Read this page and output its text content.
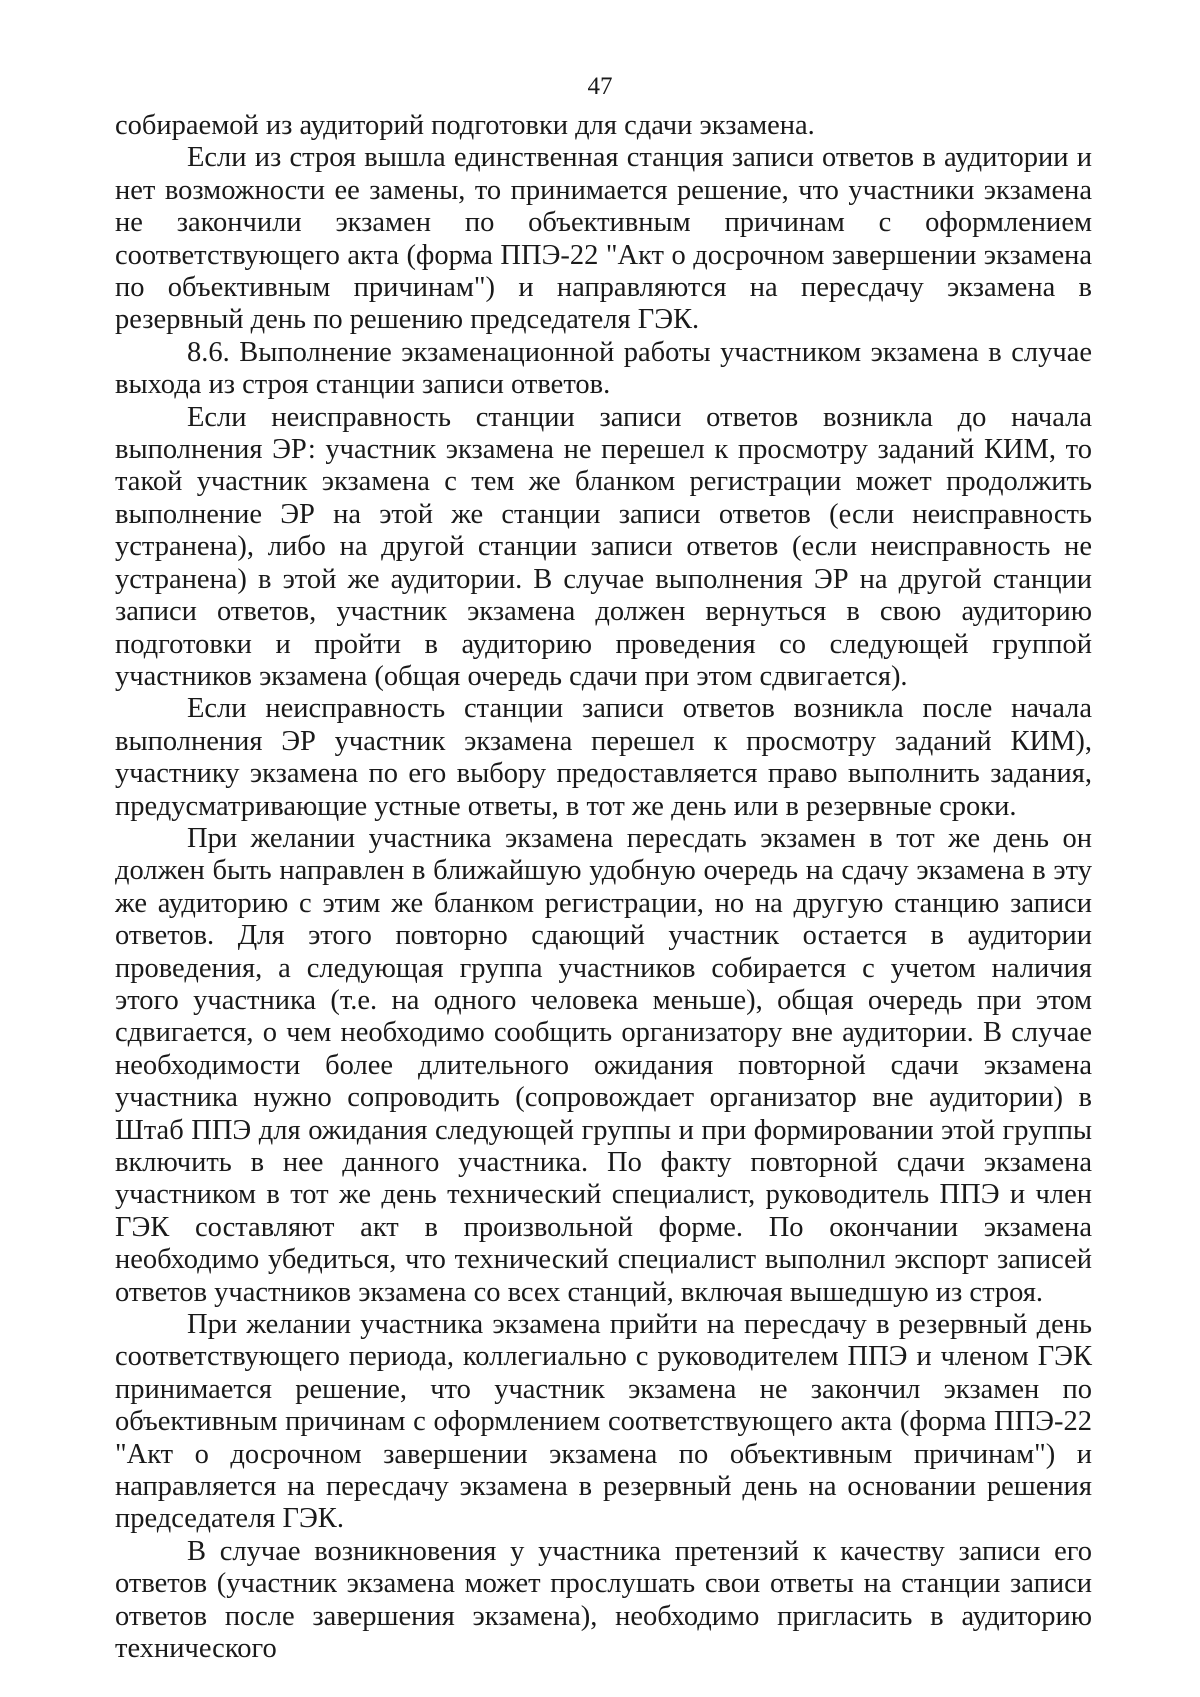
47

собираемой из аудиторий подготовки для сдачи экзамена.

Если из строя вышла единственная станция записи ответов в аудитории и нет возможности ее замены, то принимается решение, что участники экзамена не закончили экзамен по объективным причинам с оформлением соответствующего акта (форма ППЭ-22 "Акт о досрочном завершении экзамена по объективным причинам") и направляются на пересдачу экзамена в резервный день по решению председателя ГЭК.

8.6. Выполнение экзаменационной работы участником экзамена в случае выхода из строя станции записи ответов.

Если неисправность станции записи ответов возникла до начала выполнения ЭР: участник экзамена не перешел к просмотру заданий КИМ, то такой участник экзамена с тем же бланком регистрации может продолжить выполнение ЭР на этой же станции записи ответов (если неисправность устранена), либо на другой станции записи ответов (если неисправность не устранена) в этой же аудитории. В случае выполнения ЭР на другой станции записи ответов, участник экзамена должен вернуться в свою аудиторию подготовки и пройти в аудиторию проведения со следующей группой участников экзамена (общая очередь сдачи при этом сдвигается).

Если неисправность станции записи ответов возникла после начала выполнения ЭР участник экзамена перешел к просмотру заданий КИМ), участнику экзамена по его выбору предоставляется право выполнить задания, предусматривающие устные ответы, в тот же день или в резервные сроки.

При желании участника экзамена пересдать экзамен в тот же день он должен быть направлен в ближайшую удобную очередь на сдачу экзамена в эту же аудиторию с этим же бланком регистрации, но на другую станцию записи ответов. Для этого повторно сдающий участник остается в аудитории проведения, а следующая группа участников собирается с учетом наличия этого участника (т.е. на одного человека меньше), общая очередь при этом сдвигается, о чем необходимо сообщить организатору вне аудитории. В случае необходимости более длительного ожидания повторной сдачи экзамена участника нужно сопроводить (сопровождает организатор вне аудитории) в Штаб ППЭ для ожидания следующей группы и при формировании этой группы включить в нее данного участника. По факту повторной сдачи экзамена участником в тот же день технический специалист, руководитель ППЭ и член ГЭК составляют акт в произвольной форме. По окончании экзамена необходимо убедиться, что технический специалист выполнил экспорт записей ответов участников экзамена со всех станций, включая вышедшую из строя.

При желании участника экзамена прийти на пересдачу в резервный день соответствующего периода, коллегиально с руководителем ППЭ и членом ГЭК принимается решение, что участник экзамена не закончил экзамен по объективным причинам с оформлением соответствующего акта (форма ППЭ-22 "Акт о досрочном завершении экзамена по объективным причинам") и направляется на пересдачу экзамена в резервный день на основании решения председателя ГЭК.

В случае возникновения у участника претензий к качеству записи его ответов (участник экзамена может прослушать свои ответы на станции записи ответов после завершения экзамена), необходимо пригласить в аудиторию технического
